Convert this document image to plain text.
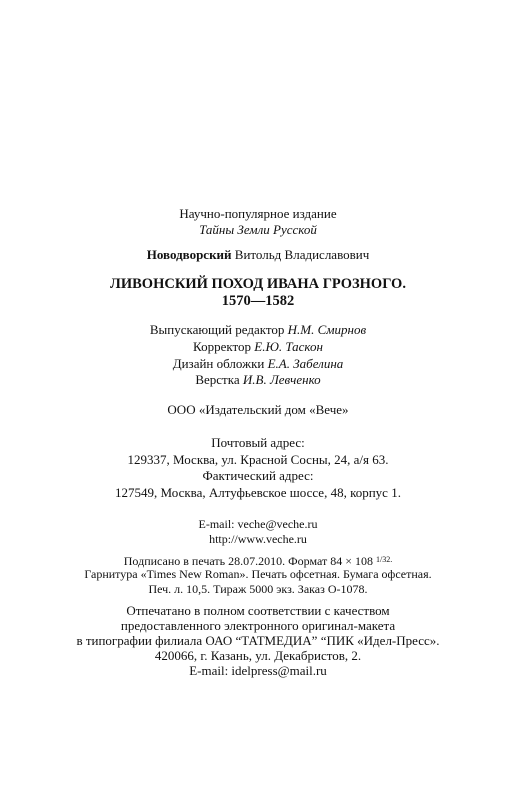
Научно-популярное издание
Тайны Земли Русской
Новодворский Витольд Владиславович
ЛИВОНСКИЙ ПОХОД ИВАНА ГРОЗНОГО.
1570—1582
Выпускающий редактор Н.М. Смирнов
Корректор Е.Ю. Таскон
Дизайн обложки Е.А. Забелина
Верстка И.В. Левченко
ООО «Издательский дом «Вече»
Почтовый адрес:
129337, Москва, ул. Красной Сосны, 24, а/я 63.
Фактический адрес:
127549, Москва, Алтуфьевское шоссе, 48, корпус 1.
E-mail: veche@veche.ru
http://www.veche.ru
Подписано в печать 28.07.2010. Формат 84 × 108 $^{1/32.}$
Гарнитура «Times New Roman». Печать офсетная. Бумага офсетная.
Печ. л. 10,5. Тираж 5000 экз. Заказ О-1078.
Отпечатано в полном соответствии с качеством
предоставленного электронного оригинал-макета
в типографии филиала ОАО “ТАТМЕДИА” “ПИК «Идел-Пресс».
420066, г. Казань, ул. Декабристов, 2.
E-mail: idelpress@mail.ru
